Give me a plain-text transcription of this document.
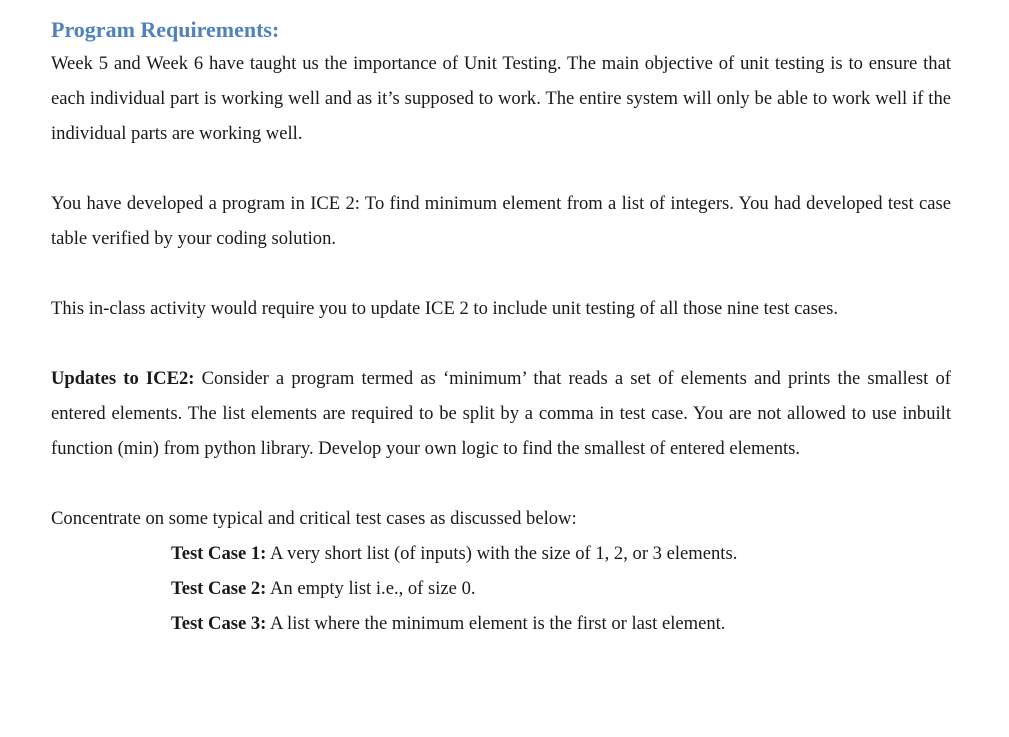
Program Requirements:

Week 5 and Week 6 have taught us the importance of Unit Testing. The main objective of unit testing is to ensure that each individual part is working well and as it’s supposed to work. The entire system will only be able to work well if the individual parts are working well.

You have developed a program in ICE 2: To find minimum element from a list of integers. You had developed test case table verified by your coding solution.

This in-class activity would require you to update ICE 2 to include unit testing of all those nine test cases.

Updates to ICE2: Consider a program termed as ‘minimum’ that reads a set of elements and prints the smallest of entered elements. The list elements are required to be split by a comma in test case. You are not allowed to use inbuilt function (min) from python library. Develop your own logic to find the smallest of entered elements.

Concentrate on some typical and critical test cases as discussed below:

Test Case 1: A very short list (of inputs) with the size of 1, 2, or 3 elements.

Test Case 2: An empty list i.e., of size 0.

Test Case 3: A list where the minimum element is the first or last element.
